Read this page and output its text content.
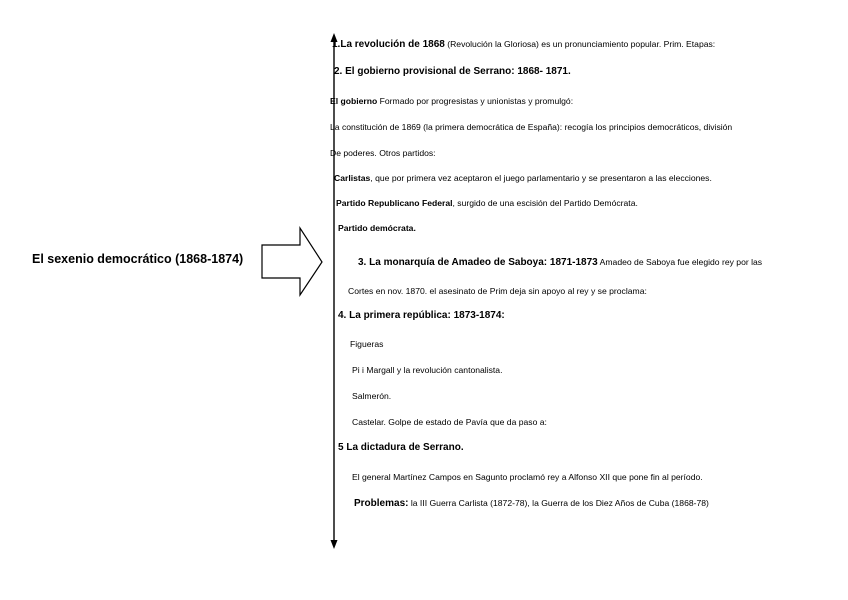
El sexenio democrático (1868-1874)
1.La revolución de 1868 (Revolución la Gloriosa) es un pronunciamiento popular. Prim. Etapas:
2. El gobierno provisional de Serrano: 1868- 1871.
El gobierno Formado por progresistas y unionistas y promulgó:
La constitución de 1869 (la primera democrática de España): recogía los principios democráticos, división
De poderes. Otros partidos:
Carlistas, que por primera vez aceptaron el juego parlamentario y se presentaron a las elecciones.
Partido Republicano Federal, surgido de una escisión del Partido Demócrata.
Partido demócrata.
3. La monarquía de Amadeo de Saboya: 1871-1873 Amadeo de Saboya fue elegido rey por las
Cortes en nov. 1870. el asesinato de Prim deja sin apoyo al rey y se proclama:
4. La primera república: 1873-1874:
Figueras
Pi i Margall y la revolución cantonalista.
Salmerón.
Castelar. Golpe de estado de Pavía que da paso a:
5 La dictadura de Serrano.
El general Martínez Campos en Sagunto proclamó rey a Alfonso XII que pone fin al período.
Problemas: la III Guerra Carlista (1872-78), la Guerra de los Diez Años de Cuba (1868-78)
